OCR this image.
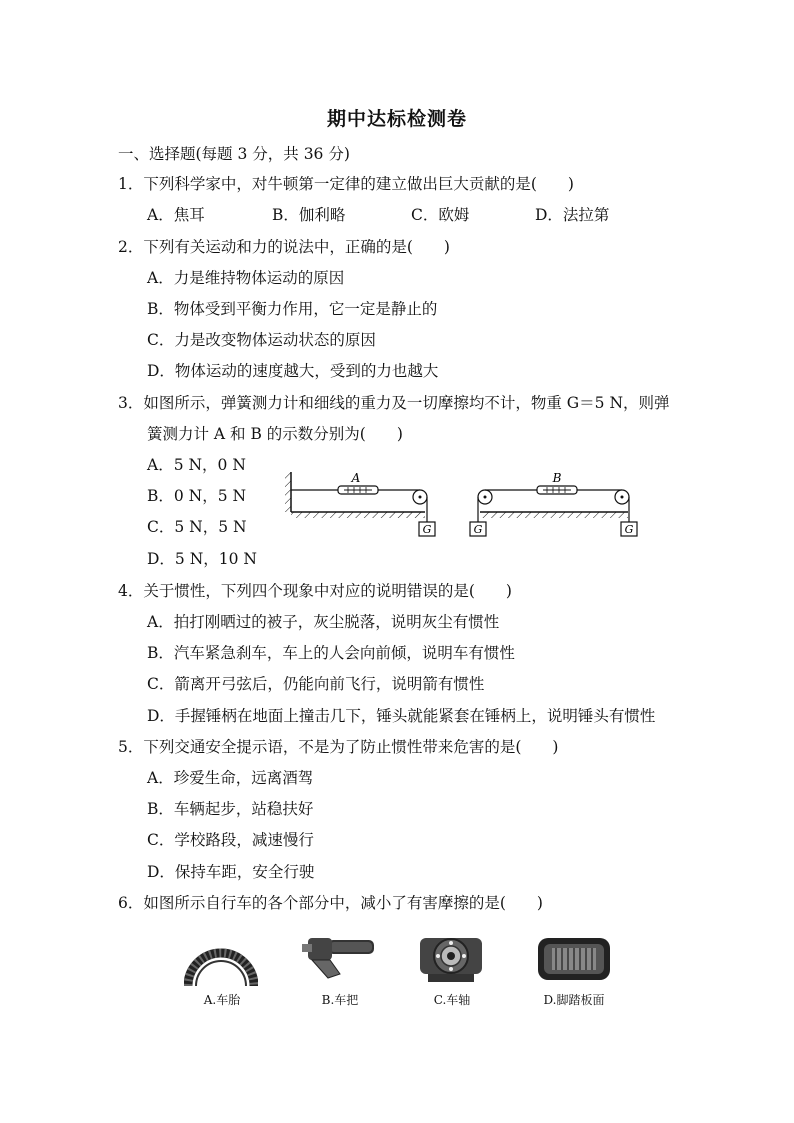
期中达标检测卷
一、选择题(每题 3 分，共 36 分)
1．下列科学家中，对牛顿第一定律的建立做出巨大贡献的是(　　)
A．焦耳	B．伽利略	C．欧姆	D．法拉第
2．下列有关运动和力的说法中，正确的是(　　)
A．力是维持物体运动的原因
B．物体受到平衡力作用，它一定是静止的
C．力是改变物体运动状态的原因
D．物体运动的速度越大，受到的力也越大
3．如图所示，弹簧测力计和细线的重力及一切摩擦均不计，物重 G＝5 N，则弹
簧测力计 A 和 B 的示数分别为(　　)
A．5 N，0 N
B．0 N，5 N
C．5 N，5 N
D．5 N，10 N
A
G	G
B
G
4．关于惯性，下列四个现象中对应的说明错误的是(　　)
A．拍打刚晒过的被子，灰尘脱落，说明灰尘有惯性
B．汽车紧急刹车，车上的人会向前倾，说明车有惯性
C．箭离开弓弦后，仍能向前飞行，说明箭有惯性
D．手握锤柄在地面上撞击几下，锤头就能紧套在锤柄上，说明锤头有惯性
5．下列交通安全提示语，不是为了防止惯性带来危害的是(　　)
A．珍爱生命，远离酒驾
B．车辆起步，站稳扶好
C．学校路段，减速慢行
D．保持车距，安全行驶
6．如图所示自行车的各个部分中，减小了有害摩擦的是(　　)
A.车胎	B.车把	C.车轴	D.脚踏板面
